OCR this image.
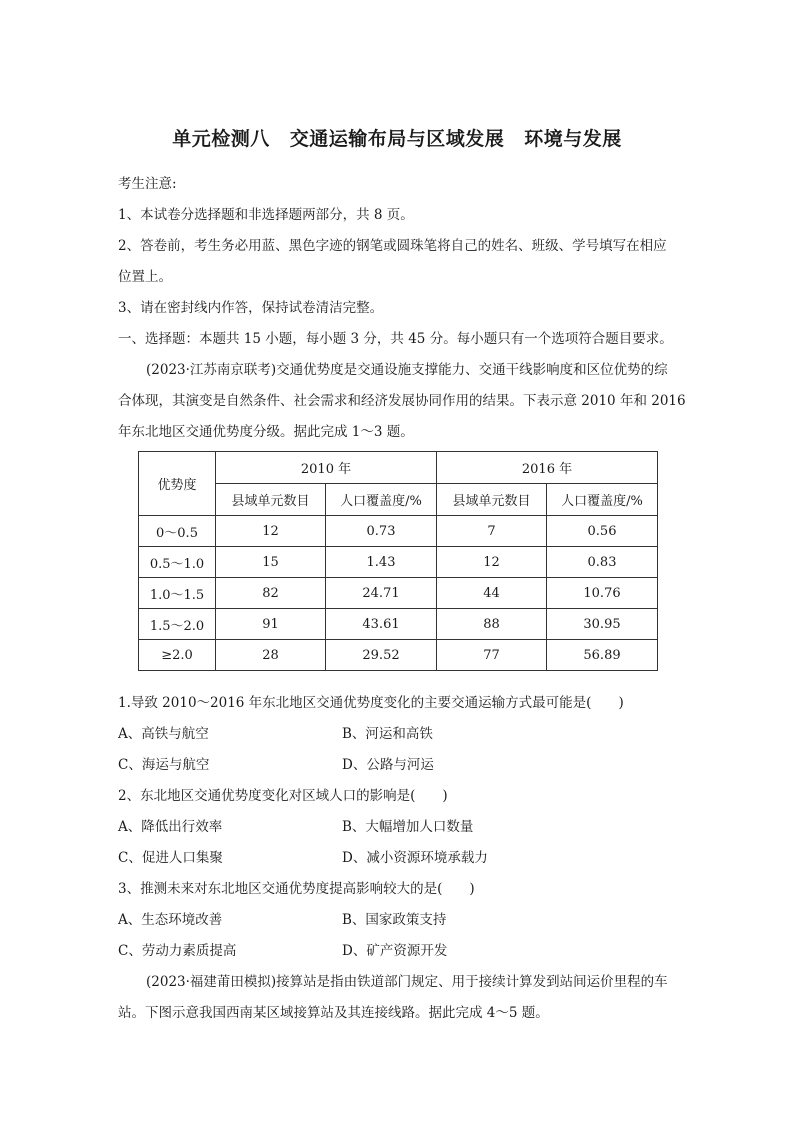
单元检测八 交通运输布局与区域发展 环境与发展
考生注意:
1、本试卷分选择题和非选择题两部分，共 8 页。
2、答卷前，考生务必用蓝、黑色字迹的钢笔或圆珠笔将自己的姓名、班级、学号填写在相应
位置上。
3、请在密封线内作答，保持试卷清洁完整。
一、选择题：本题共 15 小题，每小题 3 分，共 45 分。每小题只有一个选项符合题目要求。
(2023·江苏南京联考)交通优势度是交通设施支撑能力、交通干线影响度和区位优势的综
合体现，其演变是自然条件、社会需求和经济发展协同作用的结果。下表示意 2010 年和 2016
年东北地区交通优势度分级。据此完成 1～3 题。
优势度	2010 年		2016 年	
	县域单元数目	人口覆盖度/%	县域单元数目	人口覆盖度/%
0～0.5	12	0.73	7	0.56
0.5～1.0	15	1.43	12	0.83
1.0～1.5	82	24.71	44	10.76
1.5～2.0	91	43.61	88	30.95
≥2.0	28	29.52	77	56.89
1.导致 2010～2016 年东北地区交通优势度变化的主要交通运输方式最可能是(　　)
A、高铁与航空	B、河运和高铁
C、海运与航空	D、公路与河运
2、东北地区交通优势度变化对区域人口的影响是(　　)
A、降低出行效率	B、大幅增加人口数量
C、促进人口集聚	D、减小资源环境承载力
3、推测未来对东北地区交通优势度提高影响较大的是(　　)
A、生态环境改善	B、国家政策支持
C、劳动力素质提高	D、矿产资源开发
(2023·福建莆田模拟)接算站是指由铁道部门规定、用于接续计算发到站间运价里程的车
站。下图示意我国西南某区域接算站及其连接线路。据此完成 4～5 题。
